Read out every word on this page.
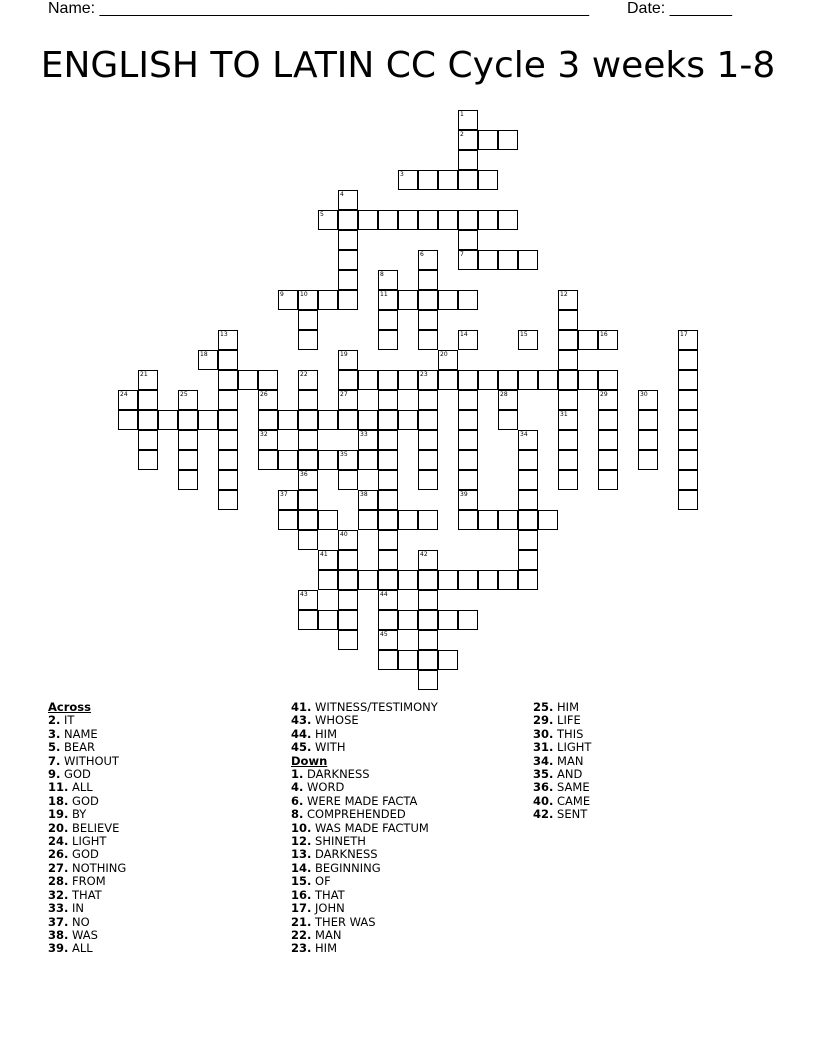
Name: _______________________________________________________ Date: _______
ENGLISH TO LATIN CC Cycle 3 weeks 1-8
1
2
3
4
5
6	7
8
9	10	11	12
16	17
13	14	15
18	19	20
21	22	23
24	25	26	27	28	29	30
31
32	33	34
35
36
37	38	39
40
41	42
43	44
45
Across
2. IT
3. NAME
5. BEAR
7. WITHOUT
9. GOD
11. ALL
18. GOD
19. BY
20. BELIEVE
24. LIGHT
26. GOD
27. NOTHING
28. FROM
32. THAT
33. IN
37. NO
38. WAS
39. ALL
41. WITNESS/TESTIMONY
43. WHOSE
44. HIM
45. WITH
Down
1. DARKNESS
4. WORD
6. WERE MADE FACTA
8. COMPREHENDED
10. WAS MADE FACTUM
12. SHINETH
13. DARKNESS
14. BEGINNING
15. OF
16. THAT
17. JOHN
21. THER WAS
22. MAN
23. HIM
25. HIM
29. LIFE
30. THIS
31. LIGHT
34. MAN
35. AND
36. SAME
40. CAME
42. SENT
